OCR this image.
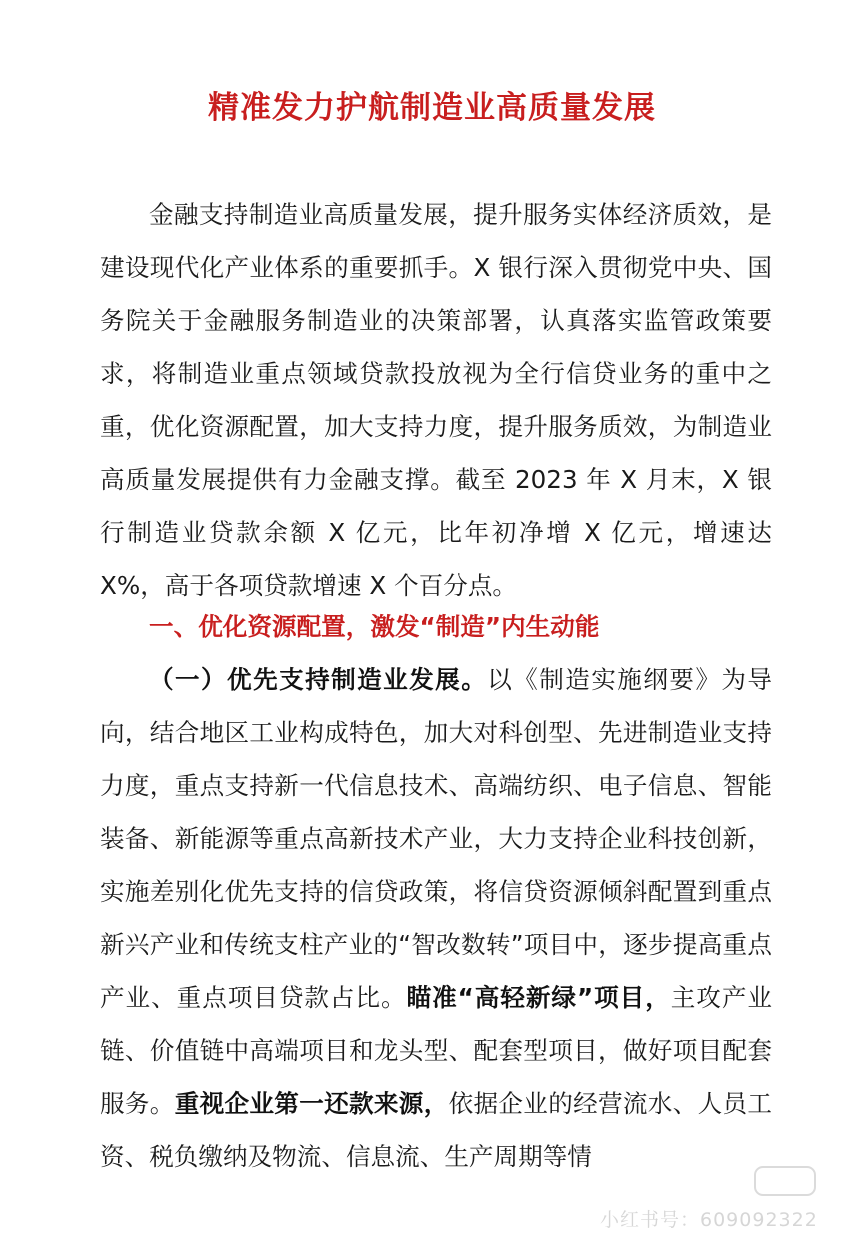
精准发力护航制造业高质量发展
金融支持制造业高质量发展，提升服务实体经济质效，是建设现代化产业体系的重要抓手。X 银行深入贯彻党中央、国务院关于金融服务制造业的决策部署，认真落实监管政策要求，将制造业重点领域贷款投放视为全行信贷业务的重中之重，优化资源配置，加大支持力度，提升服务质效，为制造业高质量发展提供有力金融支撑。截至 2023 年 X 月末，X 银行制造业贷款余额 X 亿元，比年初净增 X 亿元，增速达 X%，高于各项贷款增速 X 个百分点。
一、优化资源配置，激发“制造”内生动能
（一）优先支持制造业发展。以《制造实施纲要》为导向，结合地区工业构成特色，加大对科创型、先进制造业支持力度，重点支持新一代信息技术、高端纺织、电子信息、智能装备、新能源等重点高新技术产业，大力支持企业科技创新，实施差别化优先支持的信贷政策，将信贷资源倾斜配置到重点新兴产业和传统支柱产业的“智改数转”项目中，逐步提高重点产业、重点项目贷款占比。瞄准“高轻新绿”项目，主攻产业链、价值链中高端项目和龙头型、配套型项目，做好项目配套服务。重视企业第一还款来源，依据企业的经营流水、人员工资、税负缴纳及物流、信息流、生产周期等情
小红书号：609092322
